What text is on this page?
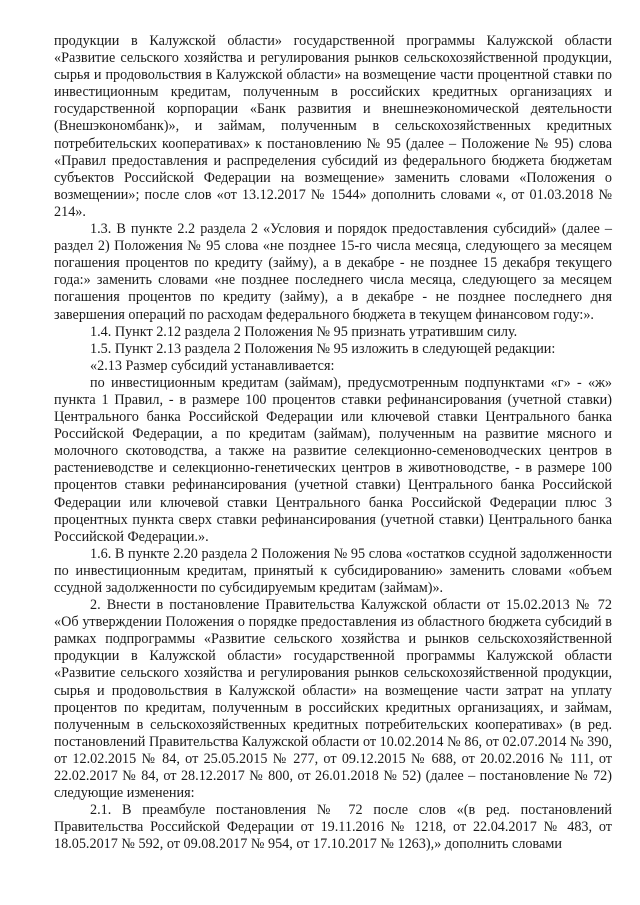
продукции в Калужской области» государственной программы Калужской области «Развитие сельского хозяйства и регулирования рынков сельскохозяйственной продукции, сырья и продовольствия в Калужской области» на возмещение части процентной ставки по инвестиционным кредитам, полученным в российских кредитных организациях и государственной корпорации «Банк развития и внешнеэкономической деятельности (Внешэкономбанк)», и займам, полученным в сельскохозяйственных кредитных потребительских кооперативах» к постановлению № 95 (далее – Положение № 95) слова «Правил предоставления и распределения субсидий из федерального бюджета бюджетам субъектов Российской Федерации на возмещение» заменить словами «Положения о возмещении»; после слов «от 13.12.2017 № 1544» дополнить словами «, от 01.03.2018 № 214».

1.3. В пункте 2.2 раздела 2 «Условия и порядок предоставления субсидий» (далее – раздел 2) Положения № 95 слова «не позднее 15-го числа месяца, следующего за месяцем погашения процентов по кредиту (займу), а в декабре - не позднее 15 декабря текущего года:» заменить словами «не позднее последнего числа месяца, следующего за месяцем погашения процентов по кредиту (займу), а в декабре - не позднее последнего дня завершения операций по расходам федерального бюджета в текущем финансовом году:».

1.4. Пункт 2.12 раздела 2 Положения № 95 признать утратившим силу.

1.5. Пункт 2.13 раздела 2 Положения № 95 изложить в следующей редакции:

«2.13 Размер субсидий устанавливается:

по инвестиционным кредитам (займам), предусмотренным подпунктами «г» - «ж» пункта 1 Правил, - в размере 100 процентов ставки рефинансирования (учетной ставки) Центрального банка Российской Федерации или ключевой ставки Центрального банка Российской Федерации, а по кредитам (займам), полученным на развитие мясного и молочного скотоводства, а также на развитие селекционно-семеноводческих центров в растениеводстве и селекционно-генетических центров в животноводстве, - в размере 100 процентов ставки рефинансирования (учетной ставки) Центрального банка Российской Федерации или ключевой ставки Центрального банка Российской Федерации плюс 3 процентных пункта сверх ставки рефинансирования (учетной ставки) Центрального банка Российской Федерации.».

1.6. В пункте 2.20 раздела 2 Положения № 95 слова «остатков ссудной задолженности по инвестиционным кредитам, принятый к субсидированию» заменить словами «объем ссудной задолженности по субсидируемым кредитам (займам)».

2. Внести в постановление Правительства Калужской области от 15.02.2013 № 72 «Об утверждении Положения о порядке предоставления из областного бюджета субсидий в рамках подпрограммы «Развитие сельского хозяйства и рынков сельскохозяйственной продукции в Калужской области» государственной программы Калужской области «Развитие сельского хозяйства и регулирования рынков сельскохозяйственной продукции, сырья и продовольствия в Калужской области» на возмещение части затрат на уплату процентов по кредитам, полученным в российских кредитных организациях, и займам, полученным в сельскохозяйственных кредитных потребительских кооперативах» (в ред. постановлений Правительства Калужской области от 10.02.2014 № 86, от 02.07.2014 № 390, от 12.02.2015 № 84, от 25.05.2015 № 277, от 09.12.2015 № 688, от 20.02.2016 № 111, от 22.02.2017 № 84, от 28.12.2017 № 800, от 26.01.2018 № 52) (далее – постановление № 72) следующие изменения:

2.1. В преамбуле постановления № 72 после слов «(в ред. постановлений Правительства Российской Федерации от 19.11.2016 № 1218, от 22.04.2017 № 483, от 18.05.2017 № 592, от 09.08.2017 № 954, от 17.10.2017 № 1263),» дополнить словами
